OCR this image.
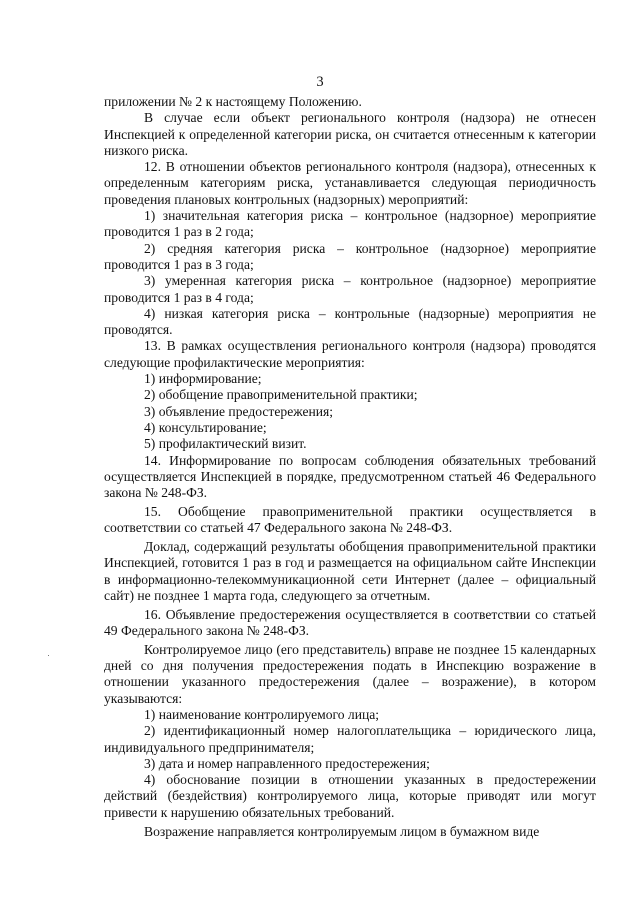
3

приложении № 2 к настоящему Положению.

В случае если объект регионального контроля (надзора) не отнесен Инспекцией к определенной категории риска, он считается отнесенным к категории низкого риска.

12. В отношении объектов регионального контроля (надзора), отнесенных к определенным категориям риска, устанавливается следующая периодичность проведения плановых контрольных (надзорных) мероприятий:

1) значительная категория риска – контрольное (надзорное) мероприятие проводится 1 раз в 2 года;

2) средняя категория риска – контрольное (надзорное) мероприятие проводится 1 раз в 3 года;

3) умеренная категория риска – контрольное (надзорное) мероприятие проводится 1 раз в 4 года;

4) низкая категория риска – контрольные (надзорные) мероприятия не проводятся.

13. В рамках осуществления регионального контроля (надзора) проводятся следующие профилактические мероприятия:

1) информирование;

2) обобщение правоприменительной практики;

3) объявление предостережения;

4) консультирование;

5) профилактический визит.

14. Информирование по вопросам соблюдения обязательных требований осуществляется Инспекцией в порядке, предусмотренном статьей 46 Федерального закона № 248-ФЗ.

15. Обобщение правоприменительной практики осуществляется в соответствии со статьей 47 Федерального закона № 248-ФЗ.

Доклад, содержащий результаты обобщения правоприменительной практики Инспекцией, готовится 1 раз в год и размещается на официальном сайте Инспекции в информационно-телекоммуникационной сети Интернет (далее – официальный сайт) не позднее 1 марта года, следующего за отчетным.

16. Объявление предостережения осуществляется в соответствии со статьей 49 Федерального закона № 248-ФЗ.

Контролируемое лицо (его представитель) вправе не позднее 15 календарных дней со дня получения предостережения подать в Инспекцию возражение в отношении указанного предостережения (далее – возражение), в котором указываются:

1) наименование контролируемого лица;

2) идентификационный номер налогоплательщика – юридического лица, индивидуального предпринимателя;

3) дата и номер направленного предостережения;

4) обоснование позиции в отношении указанных в предостережении действий (бездействия) контролируемого лица, которые приводят или могут привести к нарушению обязательных требований.

Возражение направляется контролируемым лицом в бумажном виде
